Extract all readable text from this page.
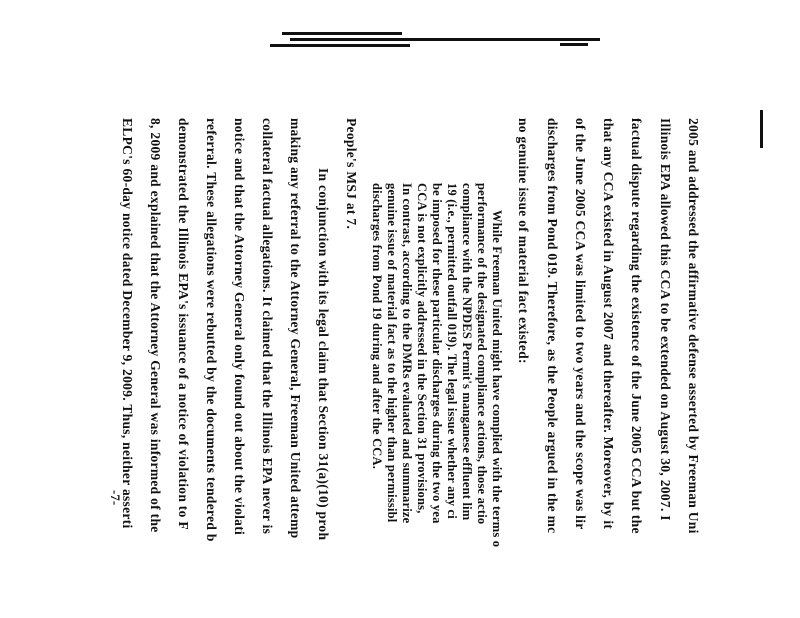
2005 and addressed the affirmative defense asserted by Freeman Uni
Illinois EPA allowed this CCA to be extended on August 30, 2007. I
factual dispute regarding the existence of the June 2005 CCA but the
that any CCA existed in August 2007 and thereafter. Moreover, by it
of the June 2005 CCA was limited to two years and the scope was lir
discharges from Pond 019. Therefore, as the People argued in the mc
no genuine issue of material fact existed:
While Freeman United might have complied with the terms o
performance of the designated compliance actions, those actio
compliance with the NPDES Permit's manganese effluent lim
19 (i.e., permitted outfall 019). The legal issue whether any ci
be imposed for these particular discharges during the two yea
CCA is not explicitly addressed in the Section 31 provisions,
In contrast, according to the DMRs evaluated and summarize
genuine issue of material fact as to the higher than permissibl
discharges from Pond 19 during and after the CCA.
People's MSJ at 7.
In conjunction with its legal claim that Section 31(a)(10) proh
making any referral to the Attorney General, Freeman United attemp
collateral factual allegations. It claimed that the Illinois EPA never is
notice and that the Attorney General only found out about the violati
referral. These allegations were rebutted by the documents tendered b
demonstrated the Illinois EPA's issuance of a notice of violation to F
8, 2009 and explained that the Attorney General was informed of the
ELPC's 60-day notice dated December 9, 2009. Thus, neither asserti
-7-
